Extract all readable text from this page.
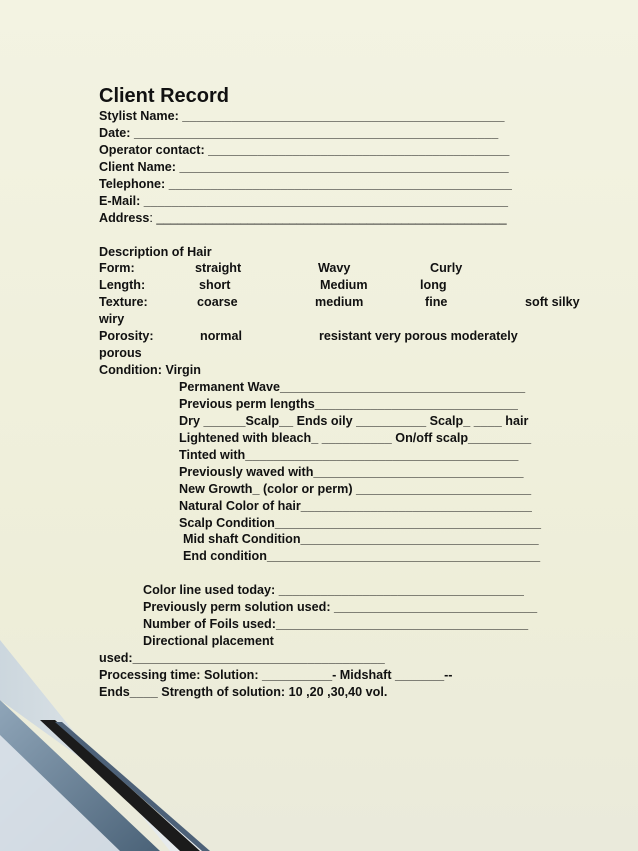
Client Record
Stylist Name: ______________________________________________
Date: ____________________________________________________
Operator contact: ___________________________________________
Client Name: _______________________________________________
Telephone: _________________________________________________
E-Mail: ____________________________________________________
Address: __________________________________________________
Description of Hair
Form:	straight	Wavy	Curly
Length:	short	Medium	long
Texture:	coarse	medium	fine	soft silky
wiry
Porosity:	normal	resistant very porous moderately
porous
Condition: Virgin
Permanent Wave___________________________________
Previous perm lengths_____________________________
Dry ______Scalp__ Ends oily __________ Scalp_ ____ hair
Lightened with bleach_ __________ On/off scalp_________
Tinted with_______________________________________
Previously waved with______________________________
New Growth_ (color or perm) _________________________
Natural Color of hair_________________________________
Scalp Condition______________________________________
Mid shaft Condition__________________________________
End condition_______________________________________
Color line used today: ___________________________________
Previously perm solution used: _____________________________
Number of Foils used:____________________________________
Directional placement
used:____________________________________
Processing time: Solution: __________- Midshaft _______--
Ends____ Strength of solution: 10 ,20 ,30,40 vol.
